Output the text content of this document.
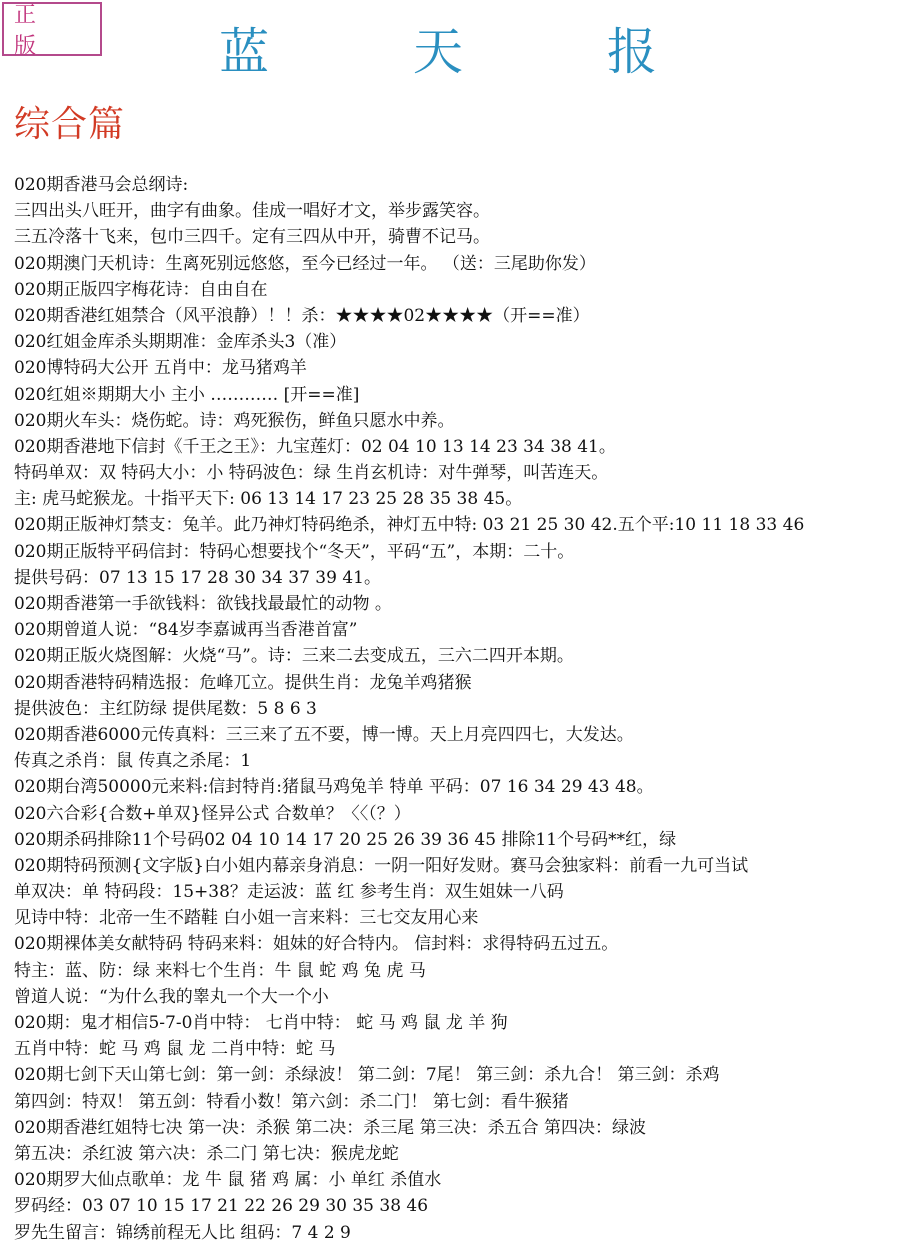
正 版	蓝 天 报
综合篇
020期香港马会总纲诗:
三四出头八旺开，曲字有曲象。佳成一唱好才文，举步露笑容。
三五冷落十飞来，包巾三四千。定有三四从中开，骑曹不记马。
020期澳门天机诗：生离死别远悠悠，至今已经过一年。 （送：三尾助你发）
020期正版四字梅花诗：自由自在
020期香港红姐禁合（风平浪静）！！杀：★★★★02★★★★（开==准）
020红姐金库杀头期期准：金库杀头3（准）
020博特码大公开 五肖中：龙马猪鸡羊
020红姐※期期大小 主小 ………… [开==准]
020期火车头：烧伤蛇。诗：鸡死猴伤，鲜鱼只愿水中养。
020期香港地下信封《千王之王》：九宝莲灯：02 04 10 13 14 23 34 38 41。
特码单双：双 特码大小：小 特码波色：绿 生肖玄机诗：对牛弹琴，叫苦连天。
主: 虎马蛇猴龙。十指平天下: 06 13 14 17 23 25 28 35 38 45。
020期正版神灯禁支：兔羊。此乃神灯特码绝杀，神灯五中特: 03 21 25 30 42.五个平:10 11 18 33 46
020期正版特平码信封：特码心想要找个“冬天”，平码“五”，本期：二十。
提供号码：07 13 15 17 28 30 34 37 39 41。
020期香港第一手欲钱料：欲钱找最最忙的动物 。
020期曾道人说：“84岁李嘉诚再当香港首富”
020期正版火烧图解：火烧“马”。诗：三来二去变成五，三六二四开本期。
020期香港特码精选报：危峰兀立。提供生肖：龙兔羊鸡猪猴
提供波色：主红防绿 提供尾数：5 8 6 3
020期香港6000元传真料：三三来了五不要，博一博。天上月亮四四七，大发达。
传真之杀肖：鼠 传真之杀尾：1
020期台湾50000元来料:信封特肖:猪鼠马鸡兔羊 特单 平码：07 16 34 29 43 48。
020六合彩{合数+单双}怪异公式 合数单？〈〈（？）
020期杀码排除11个号码02 04 10 14 17 20 25 26 39 36 45 排除11个号码**红，绿
020期特码预测{文字版}白小姐内幕亲身消息：一阴一阳好发财。赛马会独家料：前看一九可当试
单双决：单 特码段：15+38？走运波：蓝 红 参考生肖：双生姐妹一八码
见诗中特：北帝一生不踏鞋 白小姐一言来料：三七交友用心来
020期裸体美女献特码 特码来料：姐妹的好合特内。 信封料：求得特码五过五。
特主：蓝、防：绿 来料七个生肖：牛 鼠 蛇 鸡 兔 虎 马
曾道人说：“为什么我的睾丸一个大一个小
020期：鬼才相信5-7-0肖中特： 七肖中特： 蛇 马 鸡 鼠 龙 羊 狗
五肖中特：蛇 马 鸡 鼠 龙 二肖中特：蛇 马
020期七剑下天山第七剑：第一剑：杀绿波！ 第二剑：7尾！ 第三剑：杀九合！ 第三剑：杀鸡
第四剑：特双！ 第五剑：特看小数！第六剑：杀二门！ 第七剑：看牛猴猪
020期香港红姐特七决 第一决：杀猴 第二决：杀三尾 第三决：杀五合 第四决：绿波
第五决：杀红波 第六决：杀二门 第七决：猴虎龙蛇
020期罗大仙点歌单：龙 牛 鼠 猪 鸡 属：小 单红 杀值水
罗码经：03 07 10 15 17 21 22 26 29 30 35 38 46
罗先生留言：锦绣前程无人比 组码：7 4 2 9
